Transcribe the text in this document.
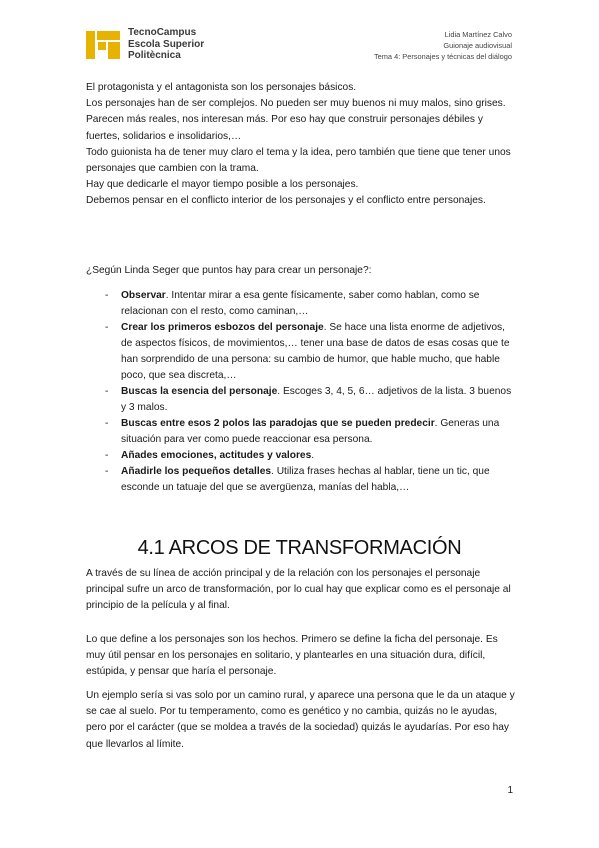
TecnoCampus
Escola Superior
Politècnica
Lidia Martínez Calvo
Guionaje audiovisual
Tema 4: Personajes y técnicas del diálogo

El protagonista y el antagonista son los personajes básicos.

Los personajes han de ser complejos. No pueden ser muy buenos ni muy malos, sino grises.

Parecen más reales, nos interesan más. Por eso hay que construir personajes débiles y fuertes, solidarios e insolidarios,…

Todo guionista ha de tener muy claro el tema y la idea, pero también que tiene que tener unos personajes que cambien con la trama.

Hay que dedicarle el mayor tiempo posible a los personajes.

Debemos pensar en el conflicto interior de los personajes y el conflicto entre personajes.

¿Según Linda Seger que puntos hay para crear un personaje?:
- Observar. Intentar mirar a esa gente físicamente, saber como hablan, como se relacionan con el resto, como caminan,…
- Crear los primeros esbozos del personaje. Se hace una lista enorme de adjetivos, de aspectos físicos, de movimientos,… tener una base de datos de esas cosas que te han sorprendido de una persona: su cambio de humor, que hable mucho, que hable poco, que sea discreta,…
- Buscas la esencia del personaje. Escoges 3, 4, 5, 6… adjetivos de la lista. 3 buenos y 3 malos.
- Buscas entre esos 2 polos las paradojas que se pueden predecir. Generas una situación para ver como puede reaccionar esa persona.
- Añades emociones, actitudes y valores.
- Añadirle los pequeños detalles. Utiliza frases hechas al hablar, tiene un tic, que esconde un tatuaje del que se avergüenza, manías del habla,…
4.1 ARCOS DE TRANSFORMACIÓN
A través de su línea de acción principal y de la relación con los personajes el personaje principal sufre un arco de transformación, por lo cual hay que explicar como es el personaje al principio de la película y al final.
Lo que define a los personajes son los hechos. Primero se define la ficha del personaje. Es muy útil pensar en los personajes en solitario, y plantearles en una situación dura, difícil, estúpida, y pensar que haría el personaje.
Un ejemplo sería si vas solo por un camino rural, y aparece una persona que le da un ataque y se cae al suelo. Por tu temperamento, como es genético y no cambia, quizás no le ayudas, pero por el carácter (que se moldea a través de la sociedad) quizás le ayudarías. Por eso hay que llevarlos al límite.
1
